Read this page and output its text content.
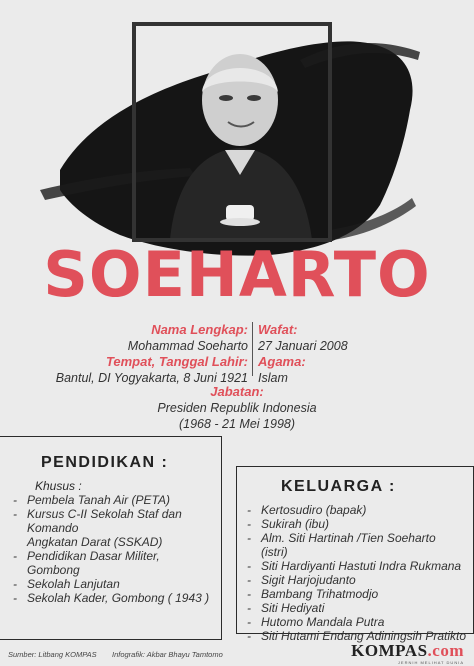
SOEHARTO
Nama Lengkap:
Mohammad Soeharto
Tempat, Tanggal Lahir:
Bantul, DI Yogyakarta, 8 Juni 1921
Wafat:
27 Januari 2008
Agama:
Islam
Jabatan:
Presiden Republik Indonesia
(1968 - 21 Mei 1998)
PENDIDIKAN :
Khusus :
- Pembela Tanah Air (PETA)
- Kursus C-II Sekolah Staf dan
Komando
Angkatan Darat (SSKAD)
- Pendidikan Dasar Militer,
Gombong
- Sekolah Lanjutan
- Sekolah Kader, Gombong ( 1943 )
KELUARGA :
- Kertosudiro (bapak)
- Sukirah (ibu)
- Alm. Siti Hartinah /Tien Soeharto
(istri)
- Siti Hardiyanti Hastuti Indra Rukmana
- Sigit Harjojudanto
- Bambang Trihatmodjo
- Siti Hediyati
- Hutomo Mandala Putra
- Siti Hutami Endang Adiningsih Pratikto
Sumber: Litbang KOMPAS Infografik: Akbar Bhayu Tamtomo	KOMPAS.com
JERNIH MELIHAT DUNIA
